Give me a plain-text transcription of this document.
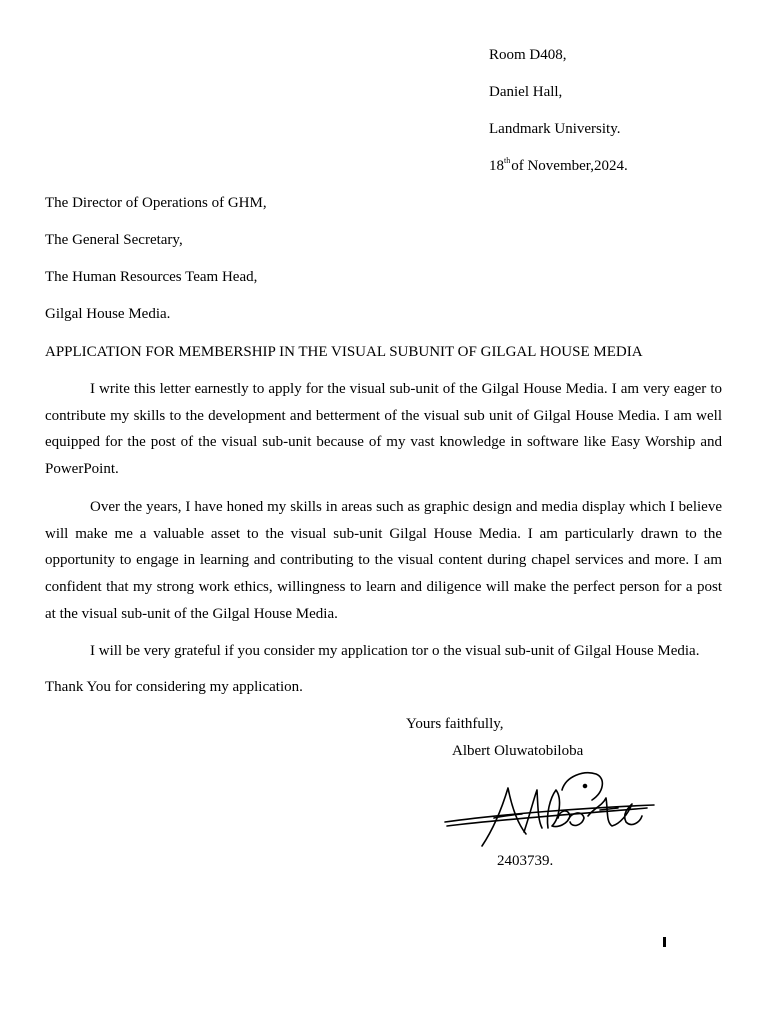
Room D408,
Daniel Hall,
Landmark University.
18thof November,2024.
The Director of Operations of GHM,
The General Secretary,
The Human Resources Team Head,
Gilgal House Media.
APPLICATION FOR MEMBERSHIP IN THE VISUAL SUBUNIT OF GILGAL HOUSE MEDIA

I write this letter earnestly to apply for the visual sub-unit of the Gilgal House Media. I am very eager to contribute my skills to the development and betterment of the visual sub unit of Gilgal House Media. I am well equipped for the post of the visual sub-unit because of my vast knowledge in software like Easy Worship and PowerPoint.

Over the years, I have honed my skills in areas such as graphic design and media display which I believe will make me a valuable asset to the visual sub-unit Gilgal House Media. I am particularly drawn to the opportunity to engage in learning and contributing to the visual content during chapel services and more. I am confident that my strong work ethics, willingness to learn and diligence will make the perfect person for a post at the visual sub-unit of the Gilgal House Media.

I will be very grateful if you consider my application tor o the visual sub-unit of Gilgal House Media.

Thank You for considering my application.
Yours faithfully,
Albert Oluwatobiloba
2403739.
